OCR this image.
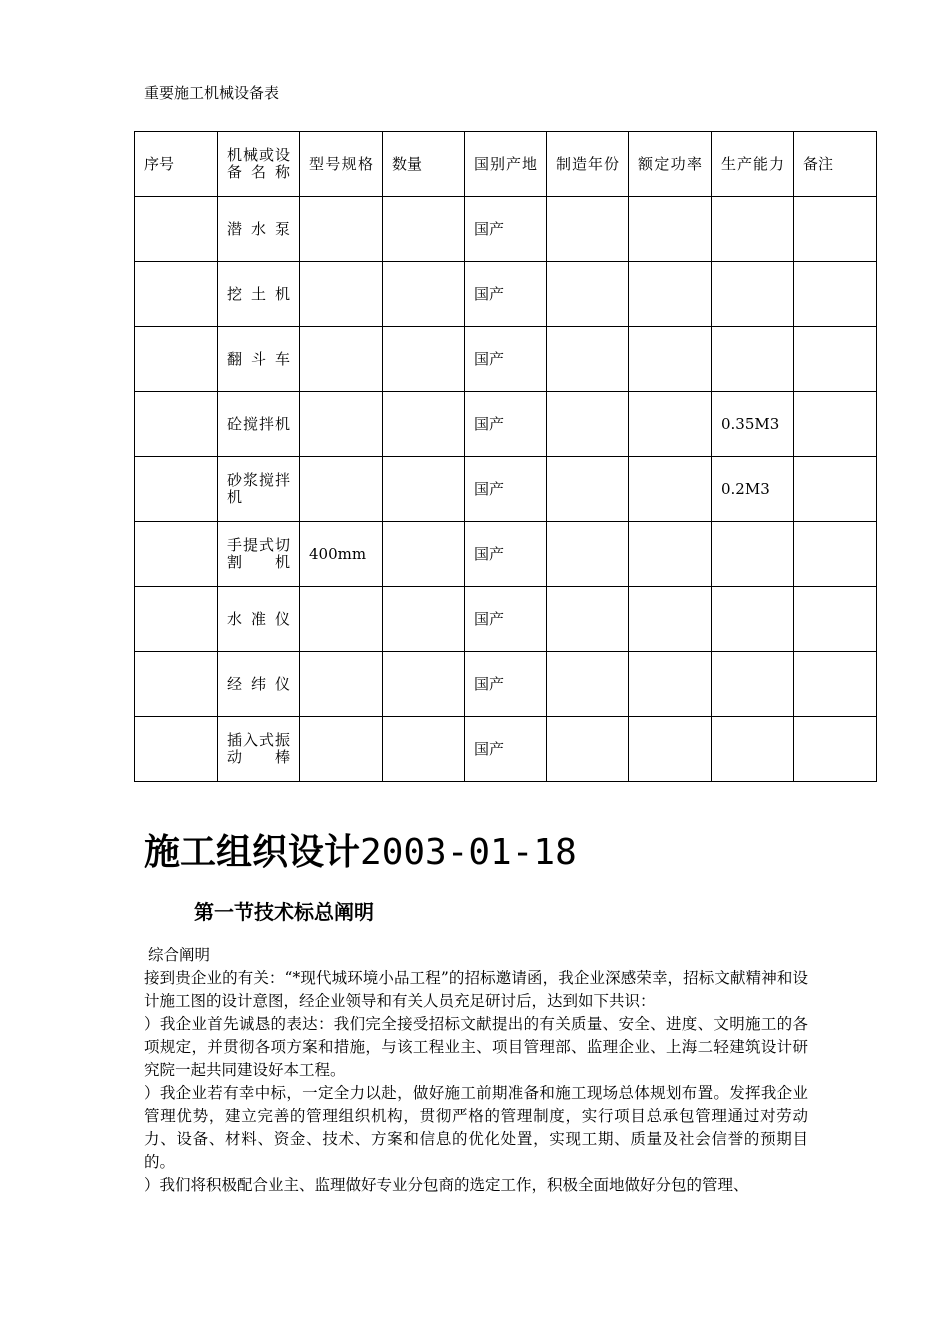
重要施工机械设备表
序号	机械或设备名称	型号规格	数量	国别产地	制造年份	额定功率	生产能力	备注
	潜水泵			国产				
	挖土机			国产				
	翻斗车			国产				
	砼搅拌机			国产			0.35M3	
	砂浆搅拌机			国产			0.2M3	
	手提式切割机	400mm		国产				
	水准仪			国产				
	经纬仪			国产				
	插入式振动棒			国产				
施工组织设计2003-01-18
第一节技术标总阐明

综合阐明

接到贵企业的有关：“*现代城环境小品工程”的招标邀请函，我企业深感荣幸，招标文献精神和设计施工图的设计意图，经企业领导和有关人员充足研讨后，达到如下共识：

）我企业首先诚恳的表达：我们完全接受招标文献提出的有关质量、安全、进度、文明施工的各项规定，并贯彻各项方案和措施，与该工程业主、项目管理部、监理企业、上海二轻建筑设计研究院一起共同建设好本工程。

）我企业若有幸中标，一定全力以赴，做好施工前期准备和施工现场总体规划布置。发挥我企业管理优势，建立完善的管理组织机构，贯彻严格的管理制度，实行项目总承包管理通过对劳动力、设备、材料、资金、技术、方案和信息的优化处置，实现工期、质量及社会信誉的预期目的。

）我们将积极配合业主、监理做好专业分包商的选定工作，积极全面地做好分包的管理、
